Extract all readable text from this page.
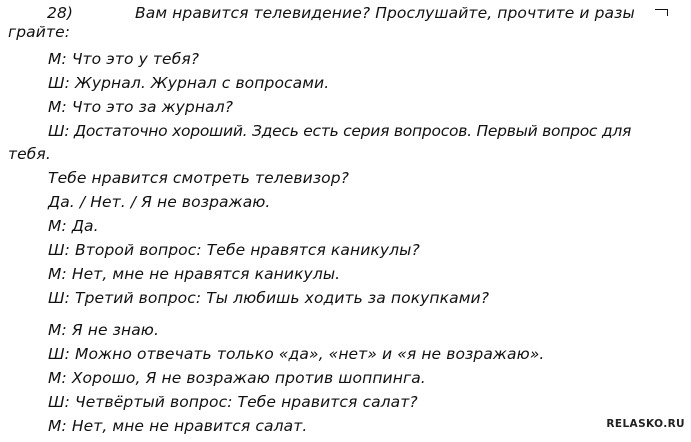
28)	Вам нравится телевидение? Прослушайте, прочтите и разы
грайте:
М: Что это у тебя?
Ш: Журнал. Журнал с вопросами.
М: Что это за журнал?
Ш: Достаточно хороший. Здесь есть серия вопросов. Первый вопрос для
тебя.
Тебе нравится смотреть телевизор?
Да. / Нет. / Я не возражаю.
М: Да.
Ш: Второй вопрос: Тебе нравятся каникулы?
М: Нет, мне не нравятся каникулы.
Ш: Третий вопрос: Ты любишь ходить за покупками?
М: Я не знаю.
Ш: Можно отвечать только «да», «нет» и «я не возражаю».
М: Хорошо, Я не возражаю против шоппинга.
Ш: Четвёртый вопрос: Тебе нравится салат?
М: Нет, мне не нравится салат.	RELASKO.RU
